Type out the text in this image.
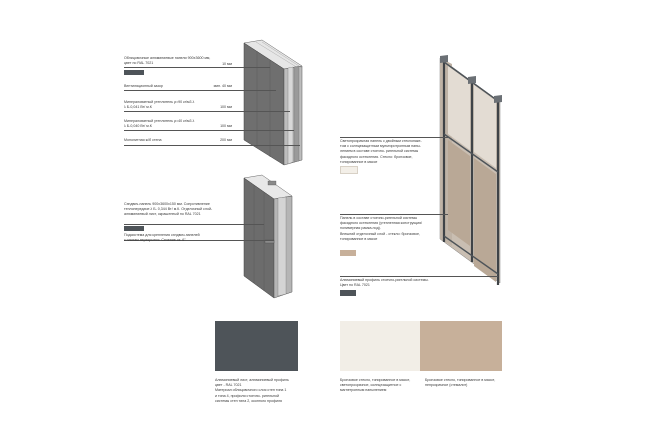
Облицовочные алюминиевые панели 900х3600 мм,
цвет по RAL 7021	10 мм
Вентиляционный зазор	мин. 40 мм
Минераловатный утеплитель ρ=90 кг/м3 λ
λ Б-0,041 Вт/ м.К	100 мм
Минераловатный утеплитель ρ=40 кг/м3 λ
λ Б-0,040 Вт/ м.К	100 мм
Монолитная ж/б стена	200 мм
Сэндвич-панель 900х3600х150 мм. Сопротивление
теплопередаче λ Б- 0,344 Вт/ м.К. Отделочный слой-
алюминиевый лист, окрашенный по RAL 7021
Подсистема для крепления сэндвич-панелей
к плитам перекрытия. Сечение ок. 6"
Светопрозрачная панель с двойным стеклопаке-
том с солнцезащитным мультиротронным напы-
лением в составе стоечно- ригельной системы
фасадного остекления. Стекло: бронзовое,
тонированное в массе
Панель в составе стоечно-ригельной системы
фасадного остекления (утепленная конструкция/
полимерная рамка-нод).
Внешний отделочный слой - стекло: бронзовое,
тонированное в массе
Алюминиевый профиль стоечно-ригельной системы.
Цвет по RAL 7021
Алюминиевый лист, алюминиевый профиль
цвет - RAL 7021
Материал облицовочного слоя стен типа 1
и типа 4, профиля стоечно- ригельной
системы стен типа 2, оконного профиля
Бронзовое стекло, тонированное в массе,
светопрозрачное, солнцезащитное с
магнетронным напылением
Бронзовое стекло, тонированное в массе,
непрозрачное (стемалит)
